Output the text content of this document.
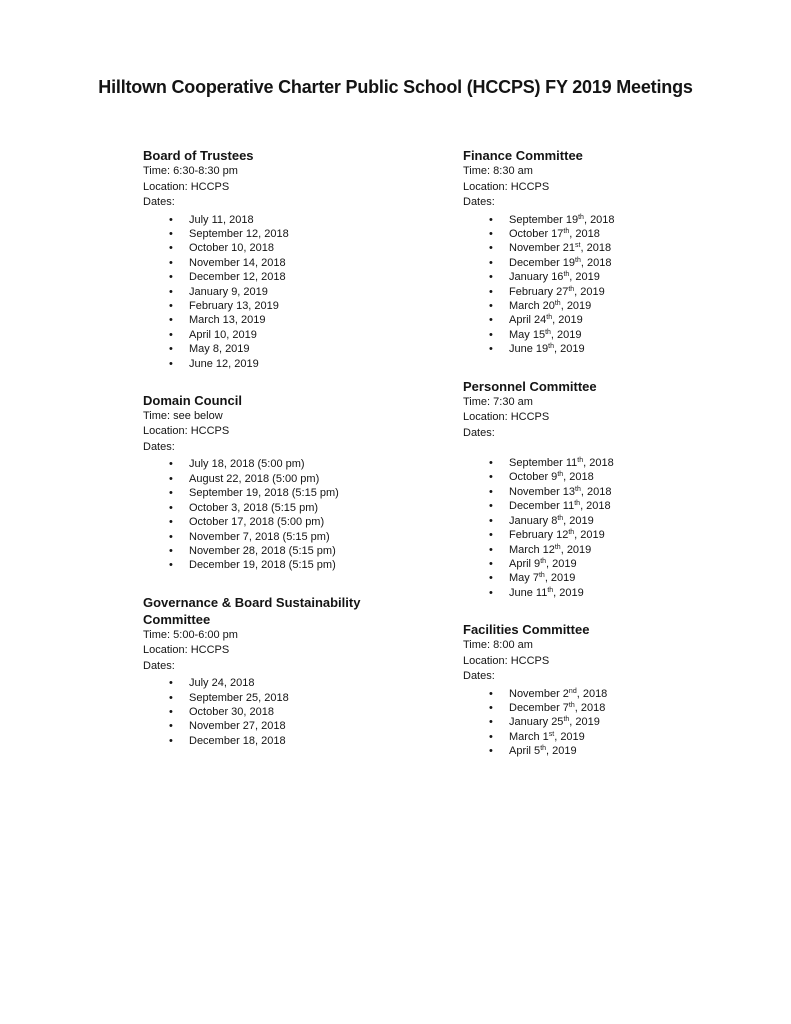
Hilltown Cooperative Charter Public School (HCCPS) FY 2019 Meetings
Board of Trustees

Time: 6:30-8:30 pm

Location: HCCPS

Dates:

• July 11, 2018
• September 12, 2018
• October 10, 2018
• November 14, 2018
• December 12, 2018
• January 9, 2019
• February 13, 2019
• March 13, 2019
• April 10, 2019
• May 8, 2019
• June 12, 2019
Domain Council

Time: see below

Location: HCCPS

Dates:

• July 18, 2018 (5:00 pm)
• August 22, 2018 (5:00 pm)
• September 19, 2018 (5:15 pm)
• October 3, 2018 (5:15 pm)
• October 17, 2018 (5:00 pm)
• November 7, 2018 (5:15 pm)
• November 28, 2018 (5:15 pm)
• December 19, 2018 (5:15 pm)
Governance & Board Sustainability Committee

Time: 5:00-6:00 pm

Location: HCCPS

Dates:

• July 24, 2018
• September 25, 2018
• October 30, 2018
• November 27, 2018
• December 18, 2018
Finance Committee

Time: 8:30 am

Location: HCCPS

Dates:

• September 19th, 2018
• October 17th, 2018
• November 21st, 2018
• December 19th, 2018
• January 16th, 2019
• February 27th, 2019
• March 20th, 2019
• April 24th, 2019
• May 15th, 2019
• June 19th, 2019
Personnel Committee

Time: 7:30 am

Location: HCCPS

Dates:

• September 11th, 2018
• October 9th, 2018
• November 13th, 2018
• December 11th, 2018
• January 8th, 2019
• February 12th, 2019
• March 12th, 2019
• April 9th, 2019
• May 7th, 2019
• June 11th, 2019
Facilities Committee

Time: 8:00 am

Location: HCCPS

Dates:

• November 2nd, 2018
• December 7th, 2018
• January 25th, 2019
• March 1st, 2019
• April 5th, 2019
